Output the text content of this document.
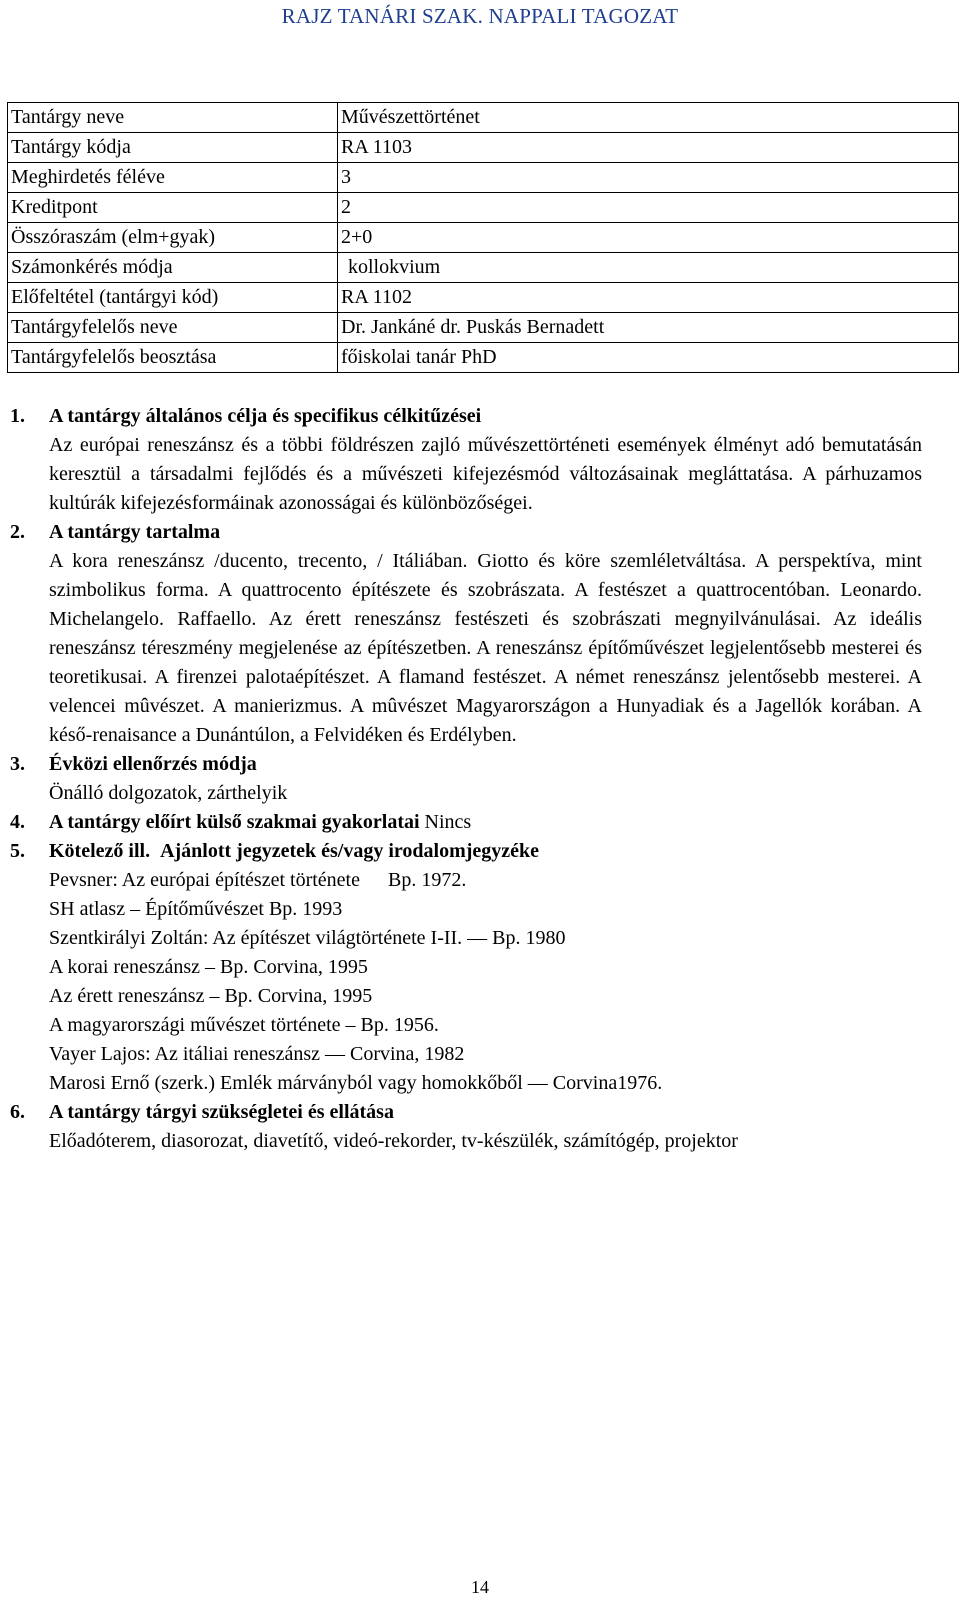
RAJZ TANÁRI SZAK. NAPPALI TAGOZAT
Tantárgy neve	Művészettörténet
Tantárgy kódja	RA 1103
Meghirdetés féléve	3
Kreditpont	2
Összóraszám (elm+gyak)	2+0
Számonkérés módja	kollokvium
Előfeltétel (tantárgyi kód)	RA 1102
Tantárgyfelelős neve	Dr. Jankáné dr. Puskás Bernadett
Tantárgyfelelős beosztása	főiskolai tanár PhD
1. A tantárgy általános célja és specifikus célkitűzései
Az európai reneszánsz és a többi földrészen zajló művészettörténeti események élményt adó bemutatásán keresztül a társadalmi fejlődés és a művészeti kifejezésmód változásainak megláttatása. A párhuzamos kultúrák kifejezésformáinak azonosságai és különbözőségei.
2. A tantárgy tartalma
A kora reneszánsz /ducento, trecento, / Itáliában. Giotto és köre szemléletváltása. A perspektíva, mint szimbolikus forma. A quattrocento építészete és szobrászata. A festészet a quattrocentóban. Leonardo. Michelangelo. Raffaello. Az érett reneszánsz festészeti és szobrászati megnyilvánulásai. Az ideális reneszánsz téreszmény megjelenése az építészetben. A reneszánsz építőművészet legjelentősebb mesterei és teoretikusai. A firenzei palotaépítészet. A flamand festészet. A német reneszánsz jelentősebb mesterei. A velencei mûvészet. A manierizmus. A mûvészet Magyarországon a Hunyadiak és a Jagellók korában. A késő-renaisance a Dunántúlon, a Felvidéken és Erdélyben.
3. Évközi ellenőrzés módja
Önálló dolgozatok, zárthelyik
4. A tantárgy előírt külső szakmai gyakorlatai Nincs
5. Kötelező ill. Ajánlott jegyzetek és/vagy irodalomjegyzéke
Pevsner: Az európai építészet története Bp. 1972.
SH atlasz – Építőművészet Bp. 1993
Szentkirályi Zoltán: Az építészet világtörténete I-II. — Bp. 1980
A korai reneszánsz – Bp. Corvina, 1995
Az érett reneszánsz – Bp. Corvina, 1995
A magyarországi művészet története – Bp. 1956.
Vayer Lajos: Az itáliai reneszánsz — Corvina, 1982
Marosi Ernő (szerk.) Emlék márványból vagy homokkőből — Corvina1976.
6. A tantárgy tárgyi szükségletei és ellátása
Előadóterem, diasorozat, diavetítő, videó-rekorder, tv-készülék, számítógép, projektor
14
